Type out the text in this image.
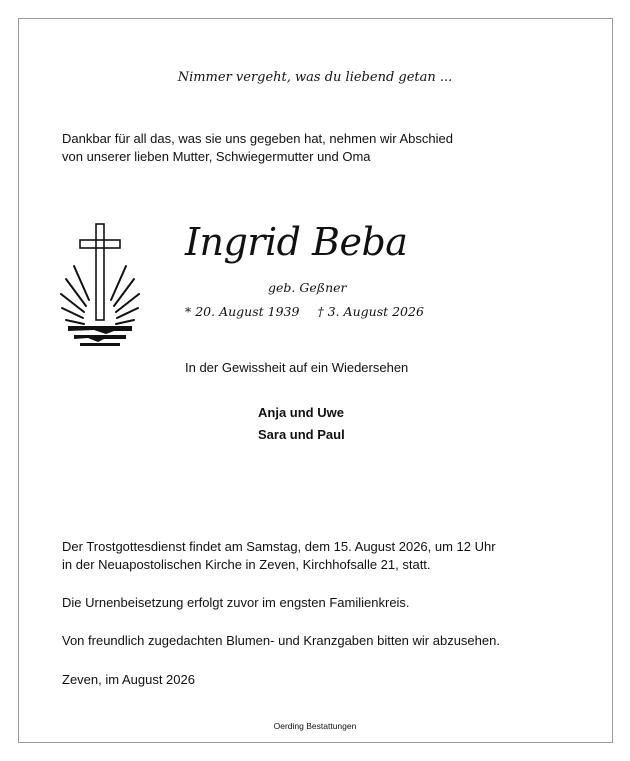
Nimmer vergeht, was du liebend getan ...
Dankbar für all das, was sie uns gegeben hat, nehmen wir Abschied
von unserer lieben Mutter, Schwiegermutter und Oma
Ingrid Beba
geb. Geßner
* 20. August 1939 † 3. August 2026
In der Gewissheit auf ein Wiedersehen
Anja und Uwe
Sara und Paul
Der Trostgottesdienst findet am Samstag, dem 15. August 2026, um 12 Uhr
in der Neuapostolischen Kirche in Zeven, Kirchhofsalle 21, statt.
Die Urnenbeisetzung erfolgt zuvor im engsten Familienkreis.
Von freundlich zugedachten Blumen- und Kranzgaben bitten wir abzusehen.
Zeven, im August 2026
Oerding Bestattungen
